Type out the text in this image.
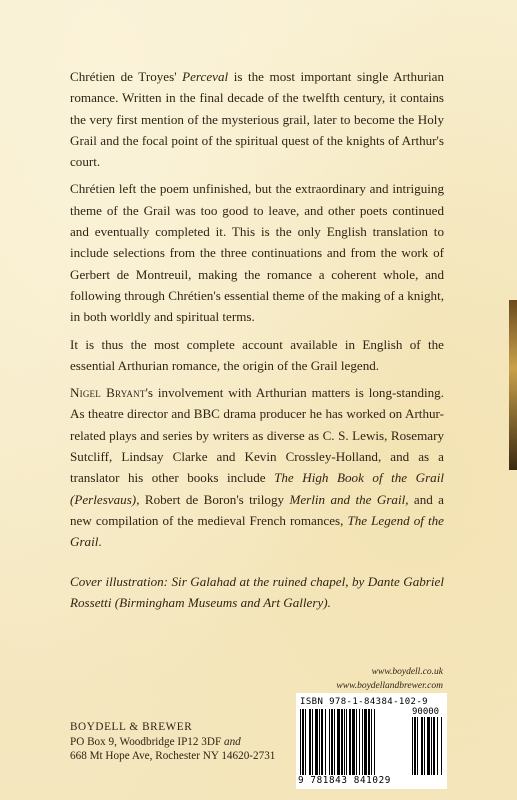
Chrétien de Troyes' Perceval is the most important single Arthurian romance. Written in the final decade of the twelfth century, it contains the very first mention of the mysterious grail, later to become the Holy Grail and the focal point of the spiritual quest of the knights of Arthur's court.

Chrétien left the poem unfinished, but the extraordinary and intriguing theme of the Grail was too good to leave, and other poets continued and eventually completed it. This is the only English translation to include selections from the three continuations and from the work of Gerbert de Montreuil, making the romance a coherent whole, and following through Chrétien's essential theme of the making of a knight, in both worldly and spiritual terms.

It is thus the most complete account available in English of the essential Arthurian romance, the origin of the Grail legend.

Nigel Bryant's involvement with Arthurian matters is long-standing. As theatre director and BBC drama producer he has worked on Arthur-related plays and series by writers as diverse as C. S. Lewis, Rosemary Sutcliff, Lindsay Clarke and Kevin Crossley-Holland, and as a translator his other books include The High Book of the Grail (Perlesvaus), Robert de Boron's trilogy Merlin and the Grail, and a new compilation of the medieval French romances, The Legend of the Grail.

Cover illustration: Sir Galahad at the ruined chapel, by Dante Gabriel Rossetti (Birmingham Museums and Art Gallery).

www.boydell.co.uk
www.boydellandbrewer.com
BOYDELL & BREWER
PO Box 9, Woodbridge IP12 3DF and
668 Mt Hope Ave, Rochester NY 14620-2731
ISBN 978-1-84384-102-9
90000
9 781843 841029
